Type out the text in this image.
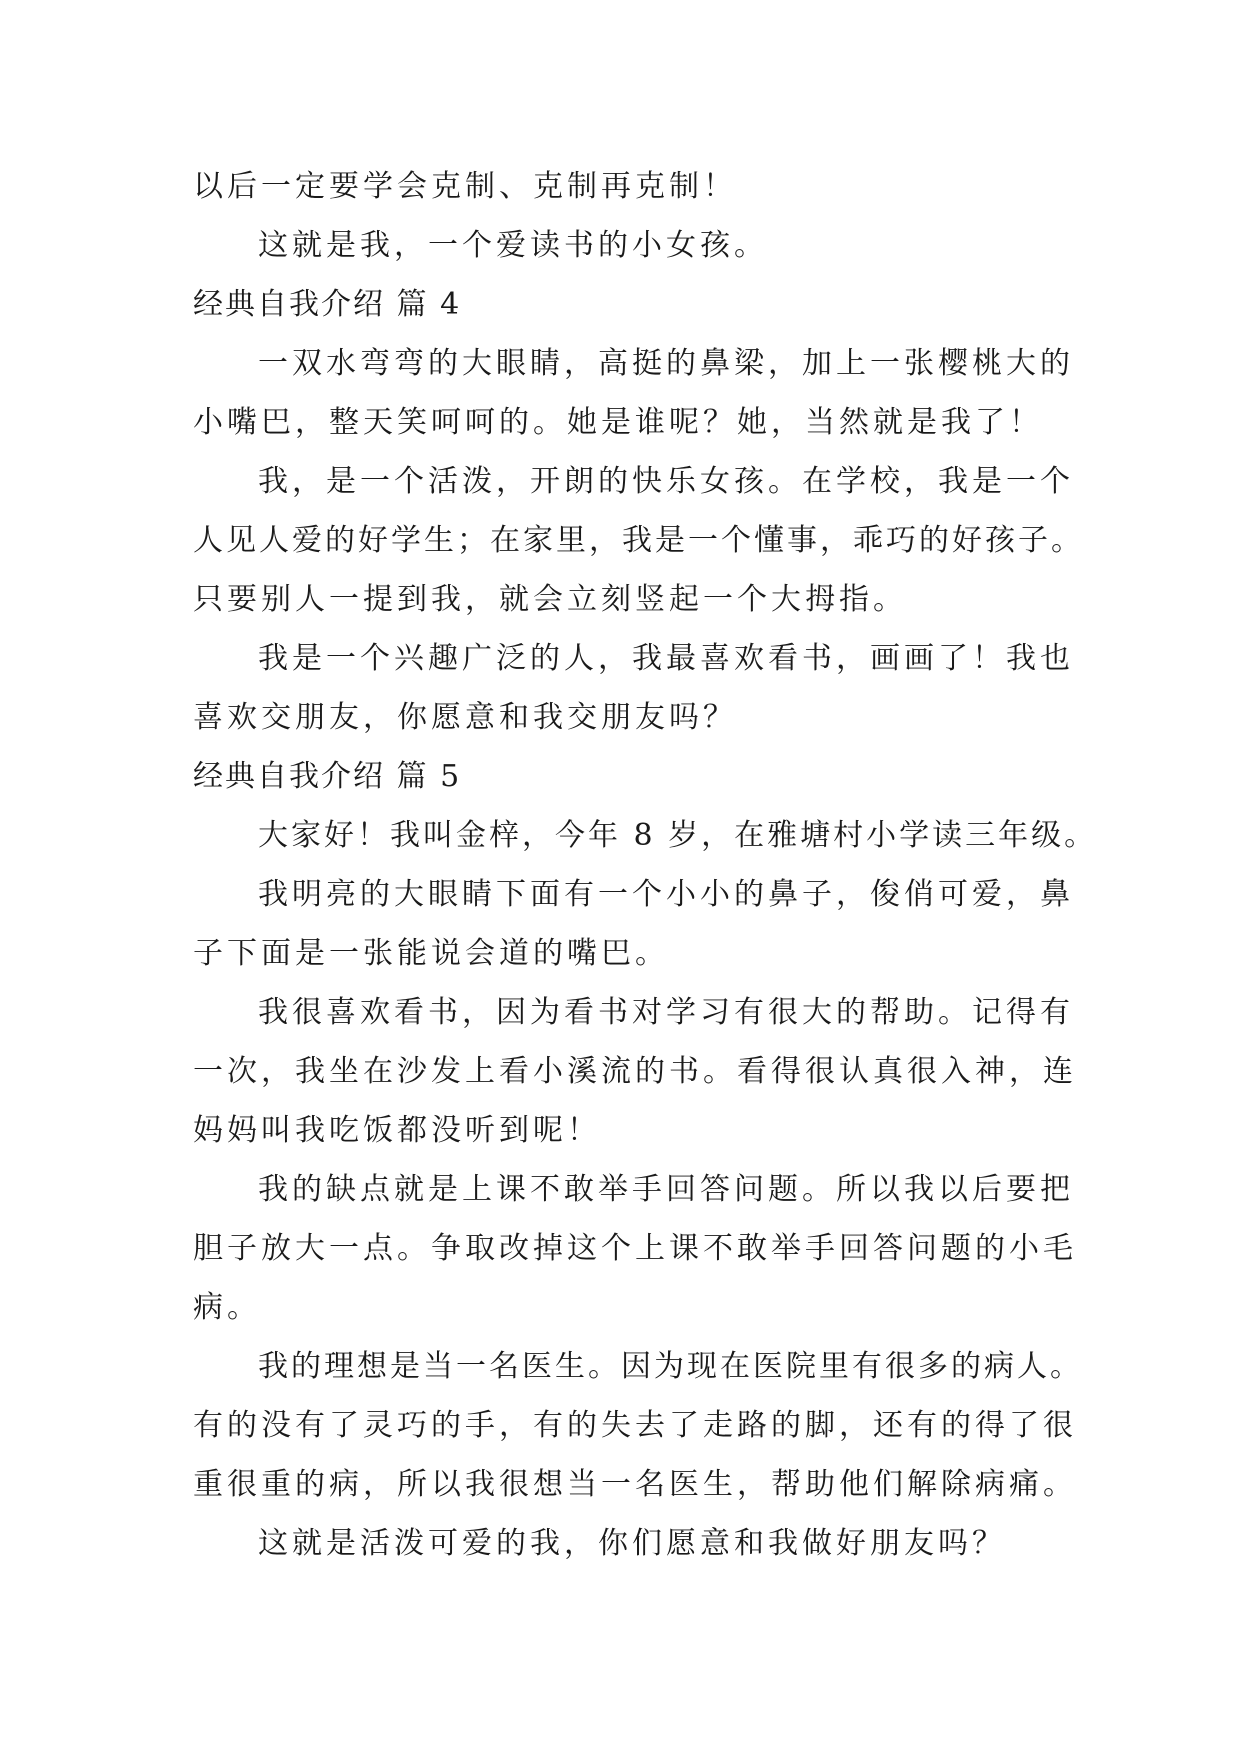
以后一定要学会克制、克制再克制！
这就是我，一个爱读书的小女孩。
经典自我介绍 篇 4
一双水弯弯的大眼睛，高挺的鼻梁，加上一张樱桃大的
小嘴巴，整天笑呵呵的。她是谁呢？她，当然就是我了！
我，是一个活泼，开朗的快乐女孩。在学校，我是一个
人见人爱的好学生；在家里，我是一个懂事，乖巧的好孩子。
只要别人一提到我，就会立刻竖起一个大拇指。
我是一个兴趣广泛的人，我最喜欢看书，画画了！我也
喜欢交朋友，你愿意和我交朋友吗？
经典自我介绍 篇 5
大家好！我叫金梓，今年 8 岁，在雅塘村小学读三年级。
我明亮的大眼睛下面有一个小小的鼻子，俊俏可爱，鼻
子下面是一张能说会道的嘴巴。
我很喜欢看书，因为看书对学习有很大的帮助。记得有
一次，我坐在沙发上看小溪流的书。看得很认真很入神，连
妈妈叫我吃饭都没听到呢！
我的缺点就是上课不敢举手回答问题。所以我以后要把
胆子放大一点。争取改掉这个上课不敢举手回答问题的小毛
病。
我的理想是当一名医生。因为现在医院里有很多的病人。
有的没有了灵巧的手，有的失去了走路的脚，还有的得了很
重很重的病，所以我很想当一名医生，帮助他们解除病痛。
这就是活泼可爱的我，你们愿意和我做好朋友吗？
